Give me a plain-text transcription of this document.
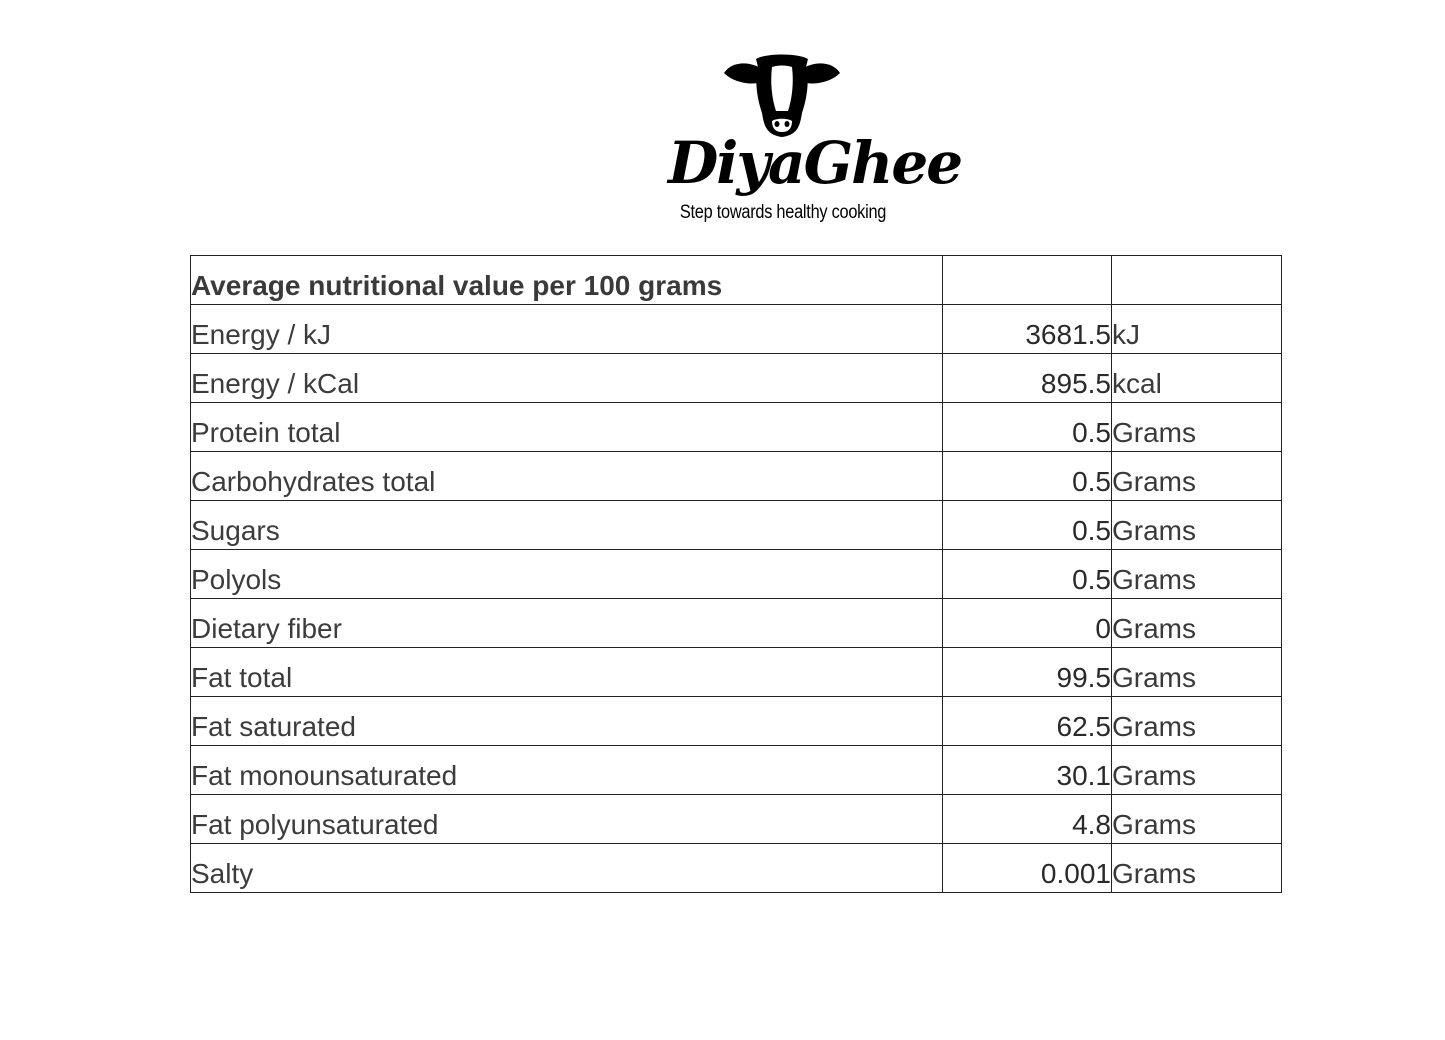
DiyaGhee
Step towards healthy cooking
Average nutritional value per 100 grams		
Energy / kJ	3681.5	kJ
Energy / kCal	895.5	kcal
Protein total	0.5	Grams
Carbohydrates total	0.5	Grams
Sugars	0.5	Grams
Polyols	0.5	Grams
Dietary fiber	0	Grams
Fat total	99.5	Grams
Fat saturated	62.5	Grams
Fat monounsaturated	30.1	Grams
Fat polyunsaturated	4.8	Grams
Salty	0.001	Grams
